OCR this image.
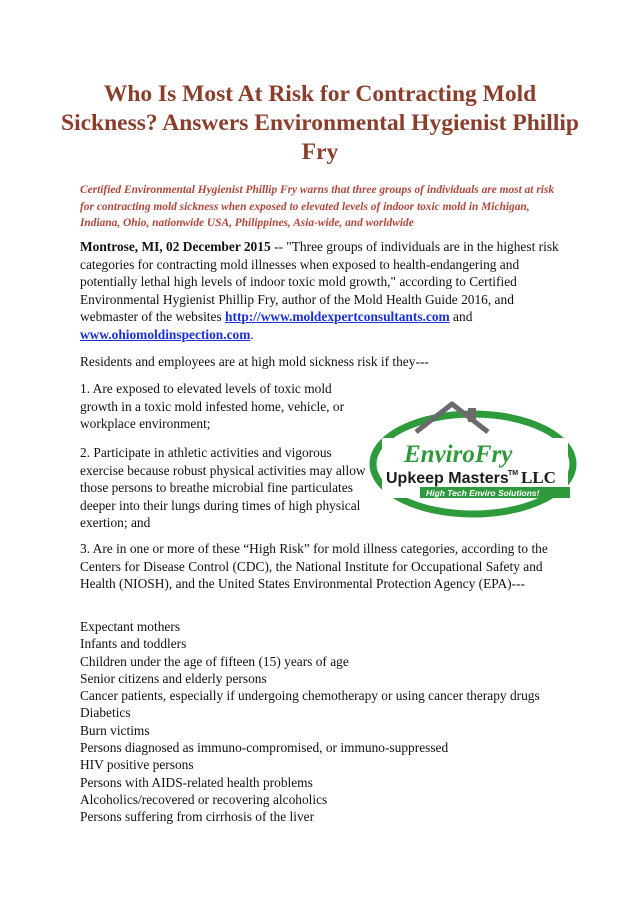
Who Is Most At Risk for Contracting Mold Sickness? Answers Environmental Hygienist Phillip Fry
Certified Environmental Hygienist Phillip Fry warns that three groups of individuals are most at risk for contracting mold sickness when exposed to elevated levels of indoor toxic mold in Michigan, Indiana, Ohio, nationwide USA, Philippines, Asia-wide, and worldwide

Montrose, MI, 02 December 2015 -- "Three groups of individuals are in the highest risk categories for contracting mold illnesses when exposed to health-endangering and potentially lethal high levels of indoor toxic mold growth," according to Certified Environmental Hygienist Phillip Fry, author of the Mold Health Guide 2016, and webmaster of the websites http://www.moldexpertconsultants.com and www.ohiomoldinspection.com.

Residents and employees are at high mold sickness risk if they---

1. Are exposed to elevated levels of toxic mold growth in a toxic mold infested home, vehicle, or workplace environment;

2. Participate in athletic activities and vigorous exercise because robust physical activities may allow those persons to breathe microbial fine particulates deeper into their lungs during times of high physical exertion; and

EnviroFry
Upkeep Masters TM LLC
High Tech Enviro Solutions!

3. Are in one or more of these “High Risk” for mold illness categories, according to the Centers for Disease Control (CDC), the National Institute for Occupational Safety and Health (NIOSH), and the United States Environmental Protection Agency (EPA)---

Expectant mothers
Infants and toddlers
Children under the age of fifteen (15) years of age
Senior citizens and elderly persons
Cancer patients, especially if undergoing chemotherapy or using cancer therapy drugs
Diabetics
Burn victims
Persons diagnosed as immuno-compromised, or immuno-suppressed
HIV positive persons
Persons with AIDS-related health problems
Alcoholics/recovered or recovering alcoholics
Persons suffering from cirrhosis of the liver
